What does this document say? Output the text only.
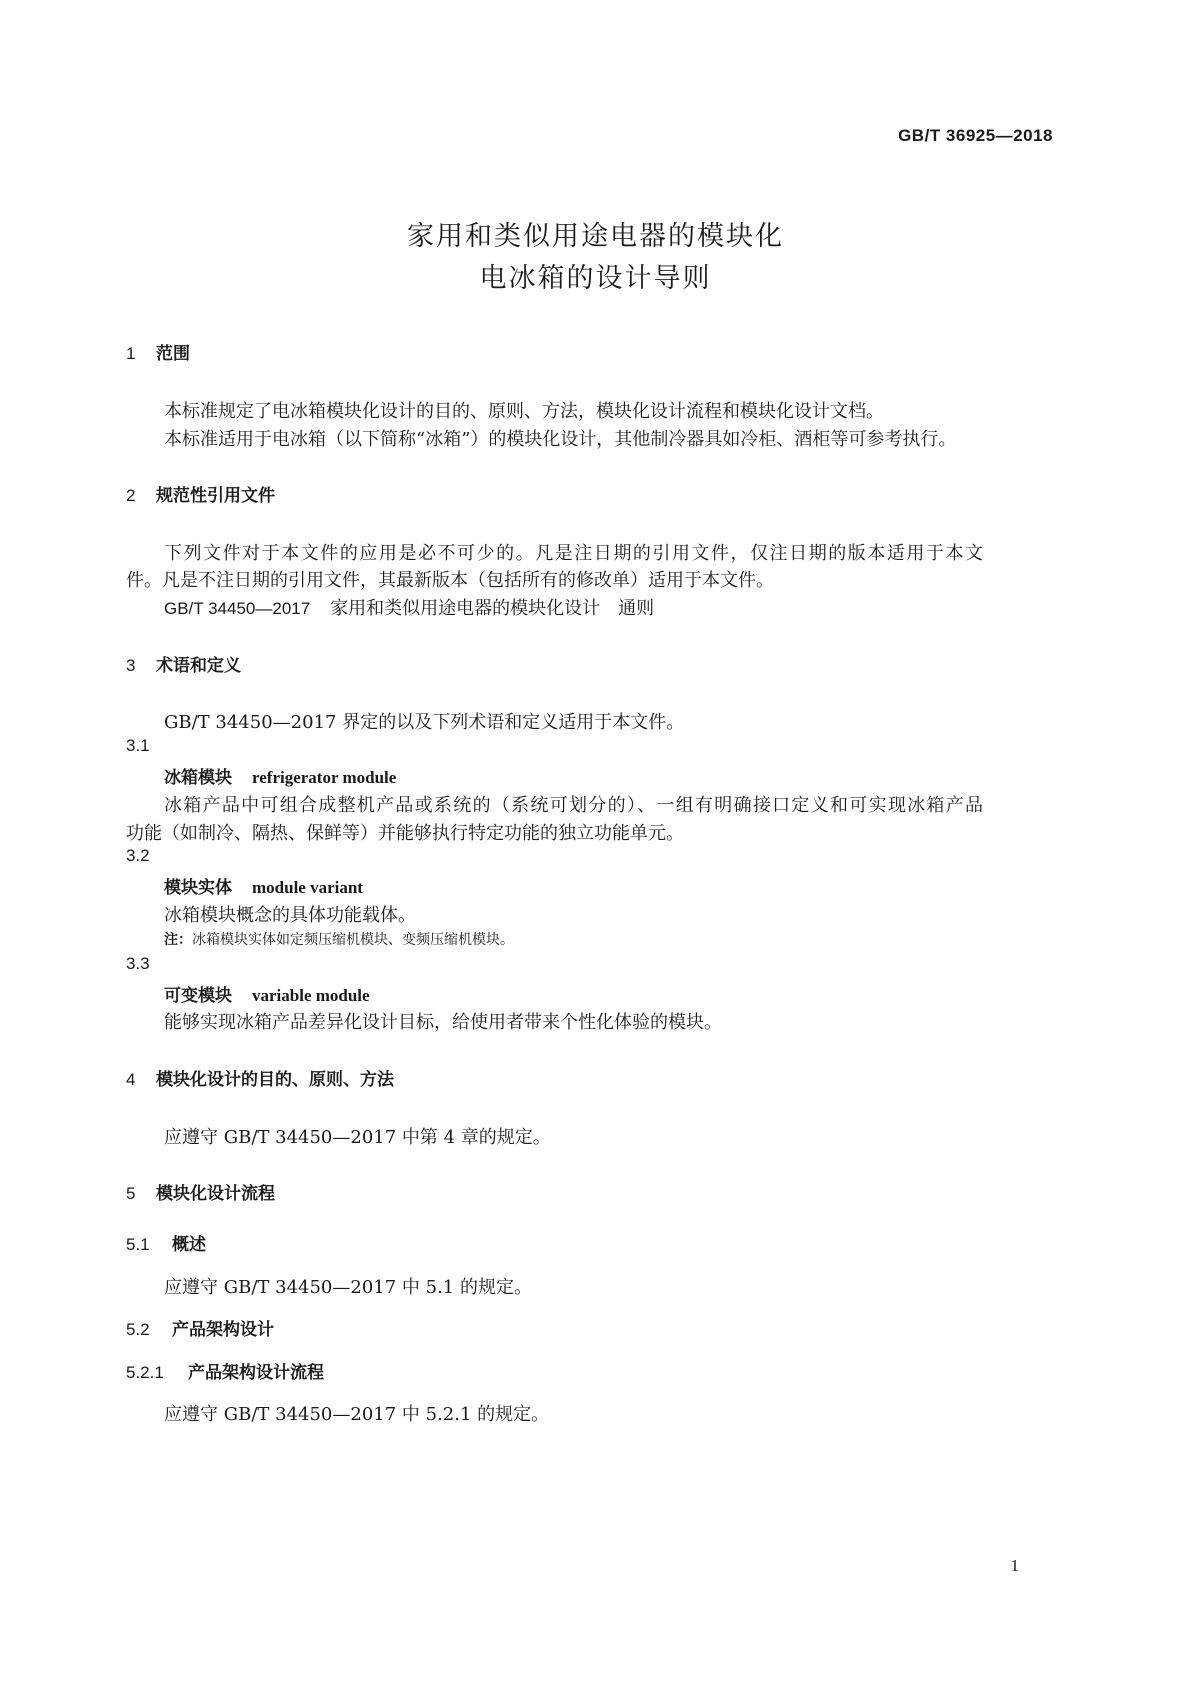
GB/T 36925—2018
家用和类似用途电器的模块化
电冰箱的设计导则
1 范围
本标准规定了电冰箱模块化设计的目的、原则、方法，模块化设计流程和模块化设计文档。
本标准适用于电冰箱（以下简称“冰箱”）的模块化设计，其他制冷器具如冷柜、酒柜等可参考执行。
2 规范性引用文件
下列文件对于本文件的应用是必不可少的。凡是注日期的引用文件，仅注日期的版本适用于本文
件。凡是不注日期的引用文件，其最新版本（包括所有的修改单）适用于本文件。
GB/T 34450—2017 家用和类似用途电器的模块化设计　通则
3 术语和定义
GB/T 34450—2017 界定的以及下列术语和定义适用于本文件。
3.1
冰箱模块 refrigerator module
冰箱产品中可组合成整机产品或系统的（系统可划分的）、一组有明确接口定义和可实现冰箱产品
功能（如制冷、隔热、保鲜等）并能够执行特定功能的独立功能单元。
3.2
模块实体 module variant
冰箱模块概念的具体功能载体。
注：冰箱模块实体如定频压缩机模块、变频压缩机模块。
3.3
可变模块 variable module
能够实现冰箱产品差异化设计目标，给使用者带来个性化体验的模块。
4 模块化设计的目的、原则、方法
应遵守 GB/T 34450—2017 中第 4 章的规定。
5 模块化设计流程
5.1 概述
应遵守 GB/T 34450—2017 中 5.1 的规定。
5.2 产品架构设计
5.2.1 产品架构设计流程
应遵守 GB/T 34450—2017 中 5.2.1 的规定。
1
